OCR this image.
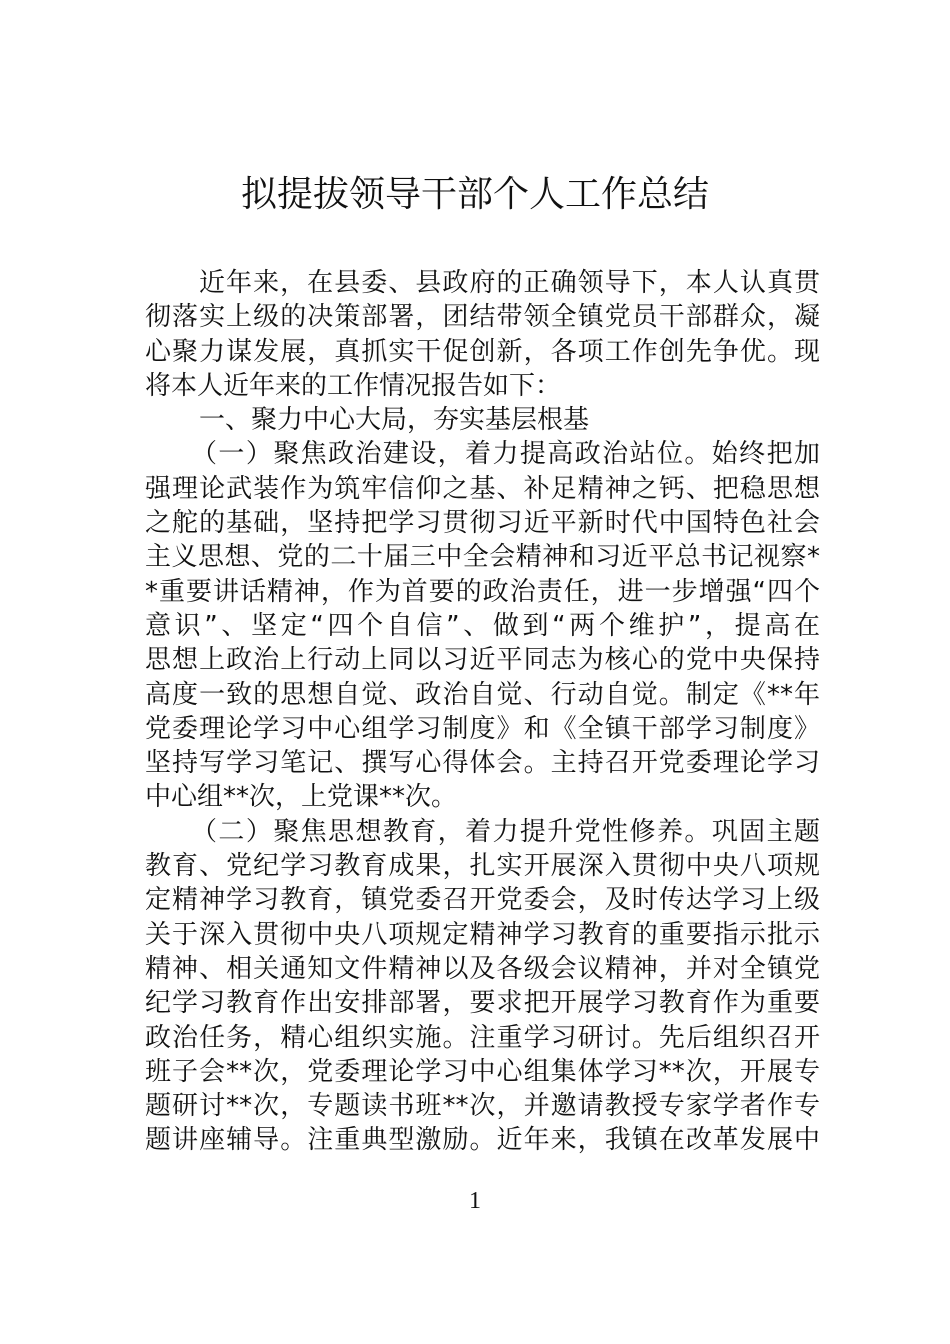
拟提拔领导干部个人工作总结
近年来，在县委、县政府的正确领导下，本人认真贯
彻落实上级的决策部署，团结带领全镇党员干部群众，凝
心聚力谋发展，真抓实干促创新，各项工作创先争优。现
将本人近年来的工作情况报告如下：
一、聚力中心大局，夯实基层根基
（一）聚焦政治建设，着力提高政治站位。始终把加
强理论武装作为筑牢信仰之基、补足精神之钙、把稳思想
之舵的基础，坚持把学习贯彻习近平新时代中国特色社会
主义思想、党的二十届三中全会精神和习近平总书记视察*
*重要讲话精神，作为首要的政治责任，进一步增强“四个
意识”、坚定“四个自信”、做到“两个维护”，提高在
思想上政治上行动上同以习近平同志为核心的党中央保持
高度一致的思想自觉、政治自觉、行动自觉。制定《**年
党委理论学习中心组学习制度》和《全镇干部学习制度》
坚持写学习笔记、撰写心得体会。主持召开党委理论学习
中心组**次，上党课**次。
（二）聚焦思想教育，着力提升党性修养。巩固主题
教育、党纪学习教育成果，扎实开展深入贯彻中央八项规
定精神学习教育，镇党委召开党委会，及时传达学习上级
关于深入贯彻中央八项规定精神学习教育的重要指示批示
精神、相关通知文件精神以及各级会议精神，并对全镇党
纪学习教育作出安排部署，要求把开展学习教育作为重要
政治任务，精心组织实施。注重学习研讨。先后组织召开
班子会**次，党委理论学习中心组集体学习**次，开展专
题研讨**次，专题读书班**次，并邀请教授专家学者作专
题讲座辅导。注重典型激励。近年来，我镇在改革发展中
1
